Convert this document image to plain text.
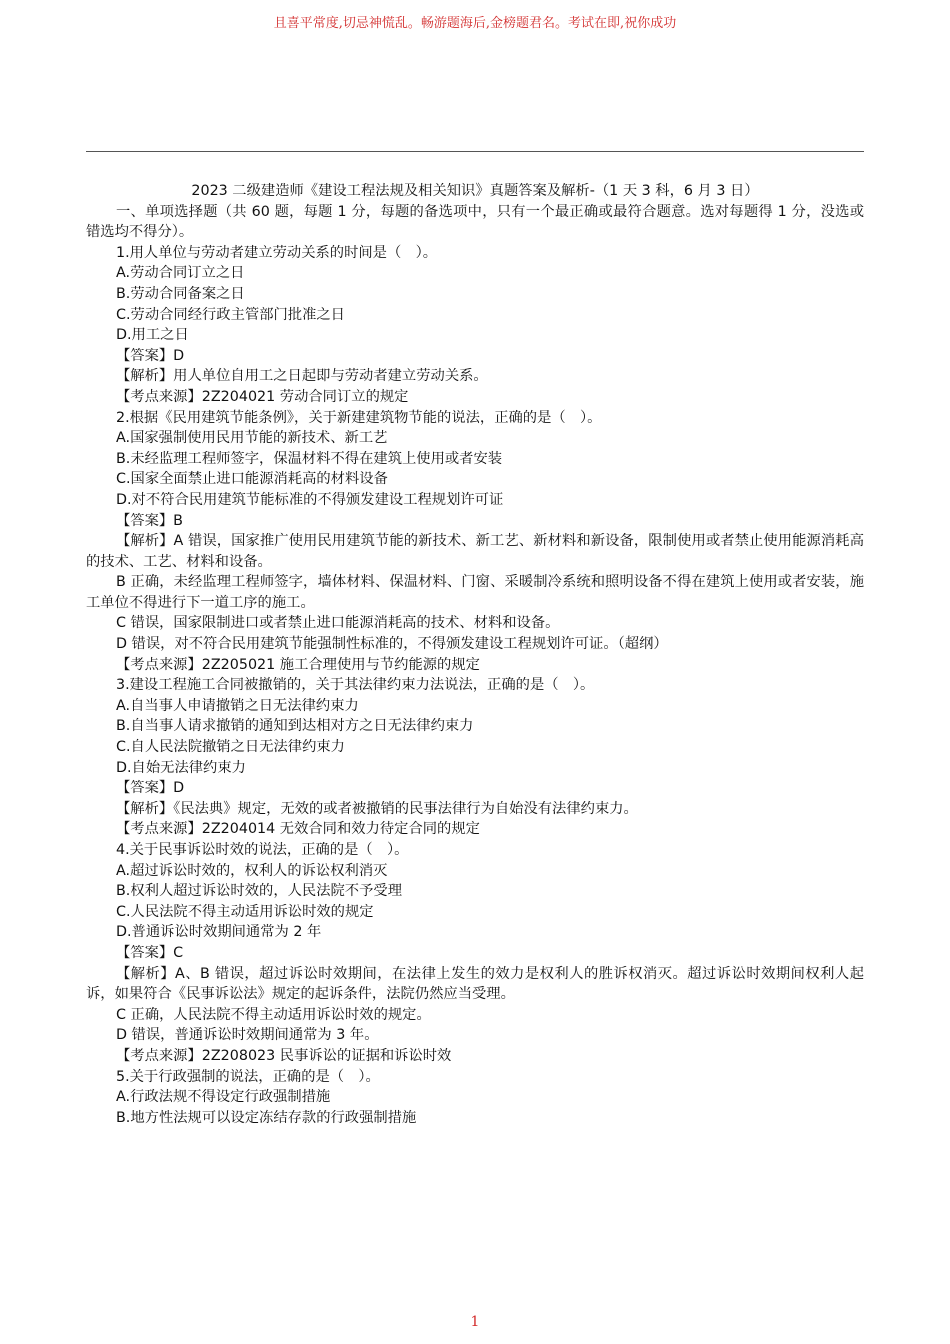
且喜平常度,切忌神慌乱。畅游题海后,金榜题君名。考试在即,祝你成功
2023 二级建造师《建设工程法规及相关知识》真题答案及解析-（1 天 3 科，6 月 3 日）
一、单项选择题（共 60 题，每题 1 分，每题的备选项中，只有一个最正确或最符合题意。选对每题得 1 分，没选或错选均不得分）。
1.用人单位与劳动者建立劳动关系的时间是（　）。
A.劳动合同订立之日
B.劳动合同备案之日
C.劳动合同经行政主管部门批准之日
D.用工之日
【答案】D
【解析】用人单位自用工之日起即与劳动者建立劳动关系。
【考点来源】2Z204021 劳动合同订立的规定
2.根据《民用建筑节能条例》，关于新建建筑物节能的说法，正确的是（　）。
A.国家强制使用民用节能的新技术、新工艺
B.未经监理工程师签字，保温材料不得在建筑上使用或者安装
C.国家全面禁止进口能源消耗高的材料设备
D.对不符合民用建筑节能标准的不得颁发建设工程规划许可证
【答案】B
【解析】A 错误，国家推广使用民用建筑节能的新技术、新工艺、新材料和新设备，限制使用或者禁止使用能源消耗高的技术、工艺、材料和设备。
B 正确，未经监理工程师签字，墙体材料、保温材料、门窗、采暖制冷系统和照明设备不得在建筑上使用或者安装，施工单位不得进行下一道工序的施工。
C 错误，国家限制进口或者禁止进口能源消耗高的技术、材料和设备。
D 错误，对不符合民用建筑节能强制性标准的，不得颁发建设工程规划许可证。（超纲）
【考点来源】2Z205021 施工合理使用与节约能源的规定
3.建设工程施工合同被撤销的，关于其法律约束力法说法，正确的是（　）。
A.自当事人申请撤销之日无法律约束力
B.自当事人请求撤销的通知到达相对方之日无法律约束力
C.自人民法院撤销之日无法律约束力
D.自始无法律约束力
【答案】D
【解析】《民法典》规定，无效的或者被撤销的民事法律行为自始没有法律约束力。
【考点来源】2Z204014 无效合同和效力待定合同的规定
4.关于民事诉讼时效的说法，正确的是（　）。
A.超过诉讼时效的，权利人的诉讼权利消灭
B.权利人超过诉讼时效的，人民法院不予受理
C.人民法院不得主动适用诉讼时效的规定
D.普通诉讼时效期间通常为 2 年
【答案】C
【解析】A、B 错误，超过诉讼时效期间，在法律上发生的效力是权利人的胜诉权消灭。超过诉讼时效期间权利人起诉，如果符合《民事诉讼法》规定的起诉条件，法院仍然应当受理。
C 正确，人民法院不得主动适用诉讼时效的规定。
D 错误，普通诉讼时效期间通常为 3 年。
【考点来源】2Z208023 民事诉讼的证据和诉讼时效
5.关于行政强制的说法，正确的是（　）。
A.行政法规不得设定行政强制措施
B.地方性法规可以设定冻结存款的行政强制措施
1
